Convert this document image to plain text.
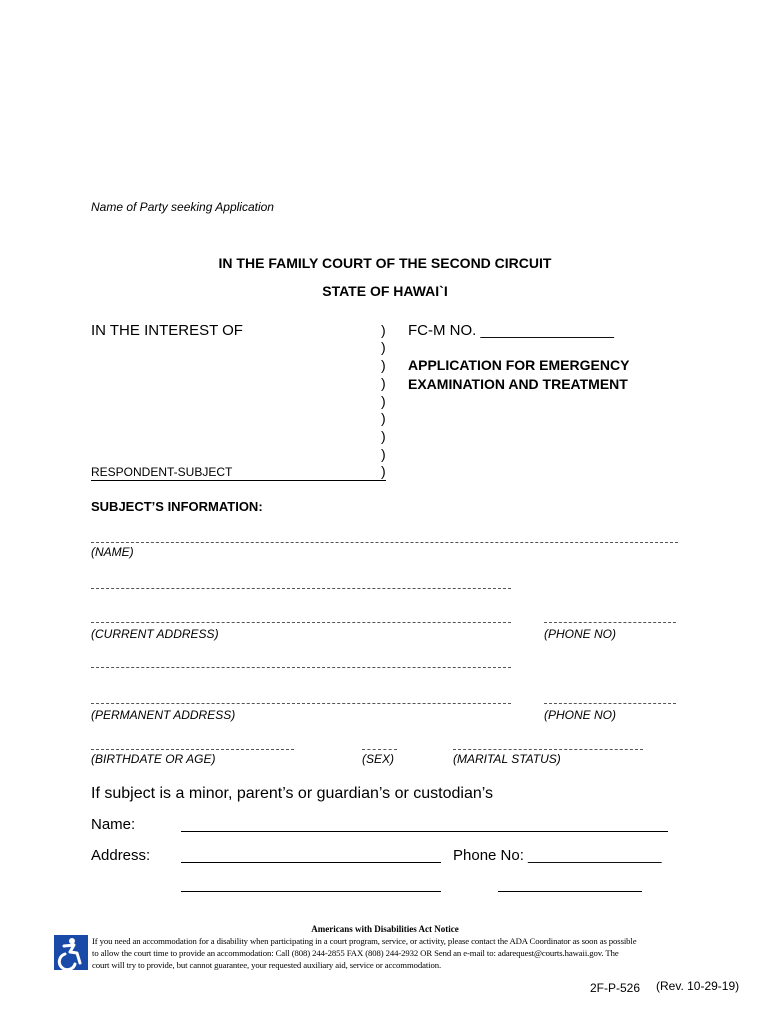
Name of Party seeking Application
IN THE FAMILY COURT OF THE SECOND CIRCUIT
STATE OF HAWAI`I
IN THE INTEREST OF	FC-M NO. ________________
APPLICATION FOR EMERGENCY
EXAMINATION AND TREATMENT
)
)
)
)
)
)
)
)
)
RESPONDENT-SUBJECT
SUBJECT’S INFORMATION:
(NAME)
(CURRENT ADDRESS)	(PHONE NO)
(PERMANENT ADDRESS)	(PHONE NO)
(BIRTHDATE OR AGE)	(SEX)	(MARITAL STATUS)
If subject is a minor, parent’s or guardian’s or custodian’s
Name:
Address:	Phone No: ________________
Americans with Disabilities Act Notice
If you need an accommodation for a disability when participating in a court program, service, or activity, please contact the ADA Coordinator as soon as possible
to allow the court time to provide an accommodation: Call (808) 244-2855 FAX (808) 244-2932 OR Send an e-mail to: adarequest@courts.hawaii.gov. The
court will try to provide, but cannot guarantee, your requested auxiliary aid, service or accommodation.
2F-P-526 (Rev. 10-29-19)
